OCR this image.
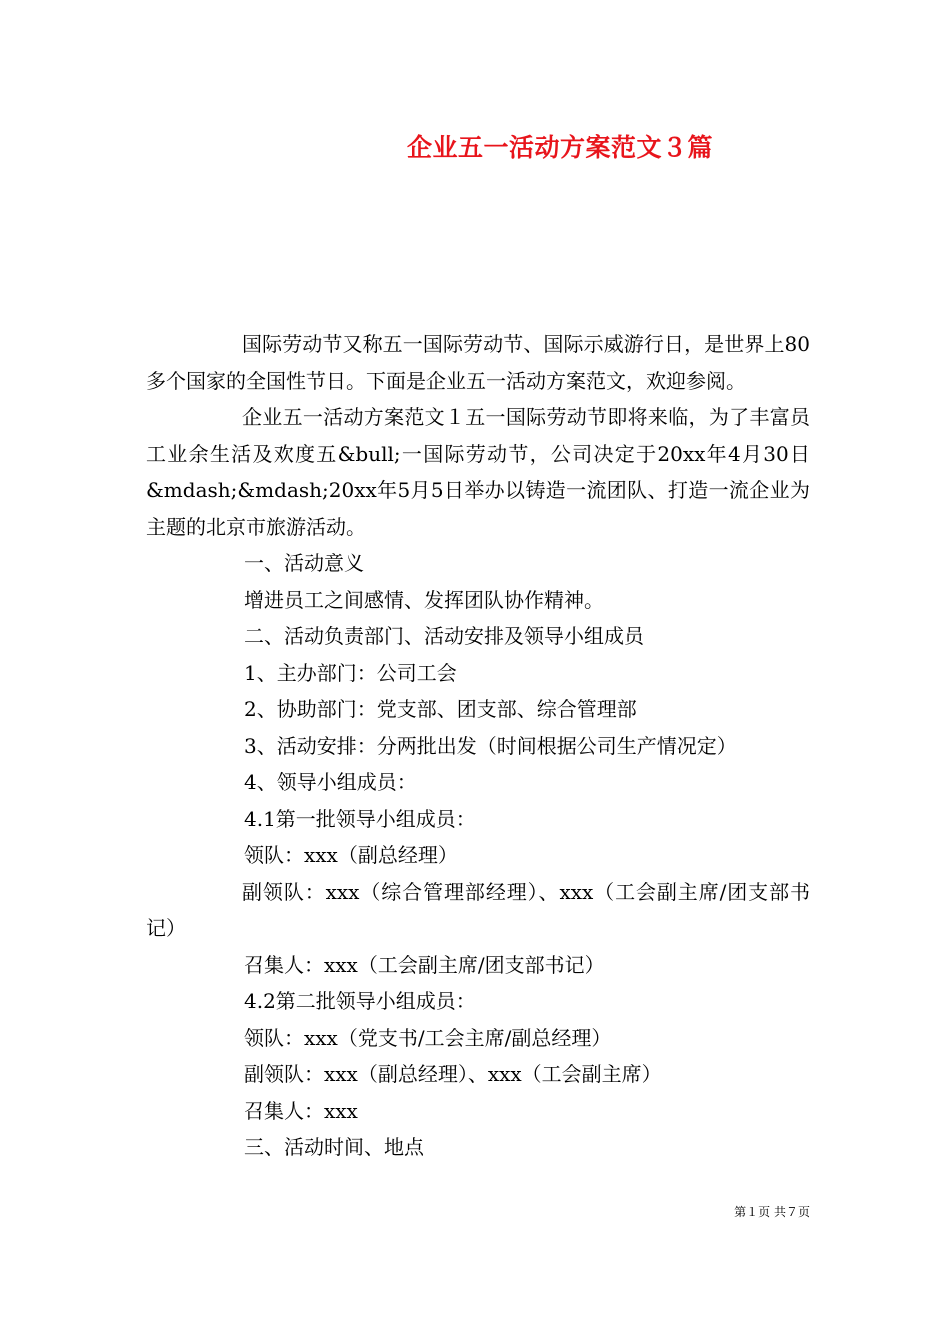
企业五一活动方案范文３篇

国际劳动节又称五一国际劳动节、国际示威游行日，是世界上80多个国家的全国性节日。下面是企业五一活动方案范文，欢迎参阅。

企业五一活动方案范文１五一国际劳动节即将来临，为了丰富员工业余生活及欢度五&bull;一国际劳动节，公司决定于20xx年4月30日&mdash;&mdash;20xx年5月5日举办以铸造一流团队、打造一流企业为主题的北京市旅游活动。

一、活动意义

增进员工之间感情、发挥团队协作精神。

二、活动负责部门、活动安排及领导小组成员

1、主办部门：公司工会

2、协助部门：党支部、团支部、综合管理部

3、活动安排：分两批出发（时间根据公司生产情况定）

4、领导小组成员：

4.1第一批领导小组成员：

领队：xxx（副总经理）

副领队：xxx（综合管理部经理）、xxx（工会副主席/团支部书记）

召集人：xxx（工会副主席/团支部书记）

4.2第二批领导小组成员：

领队：xxx（党支书/工会主席/副总经理）

副领队：xxx（副总经理）、xxx（工会副主席）

召集人：xxx

三、活动时间、地点

第１页 共７页
